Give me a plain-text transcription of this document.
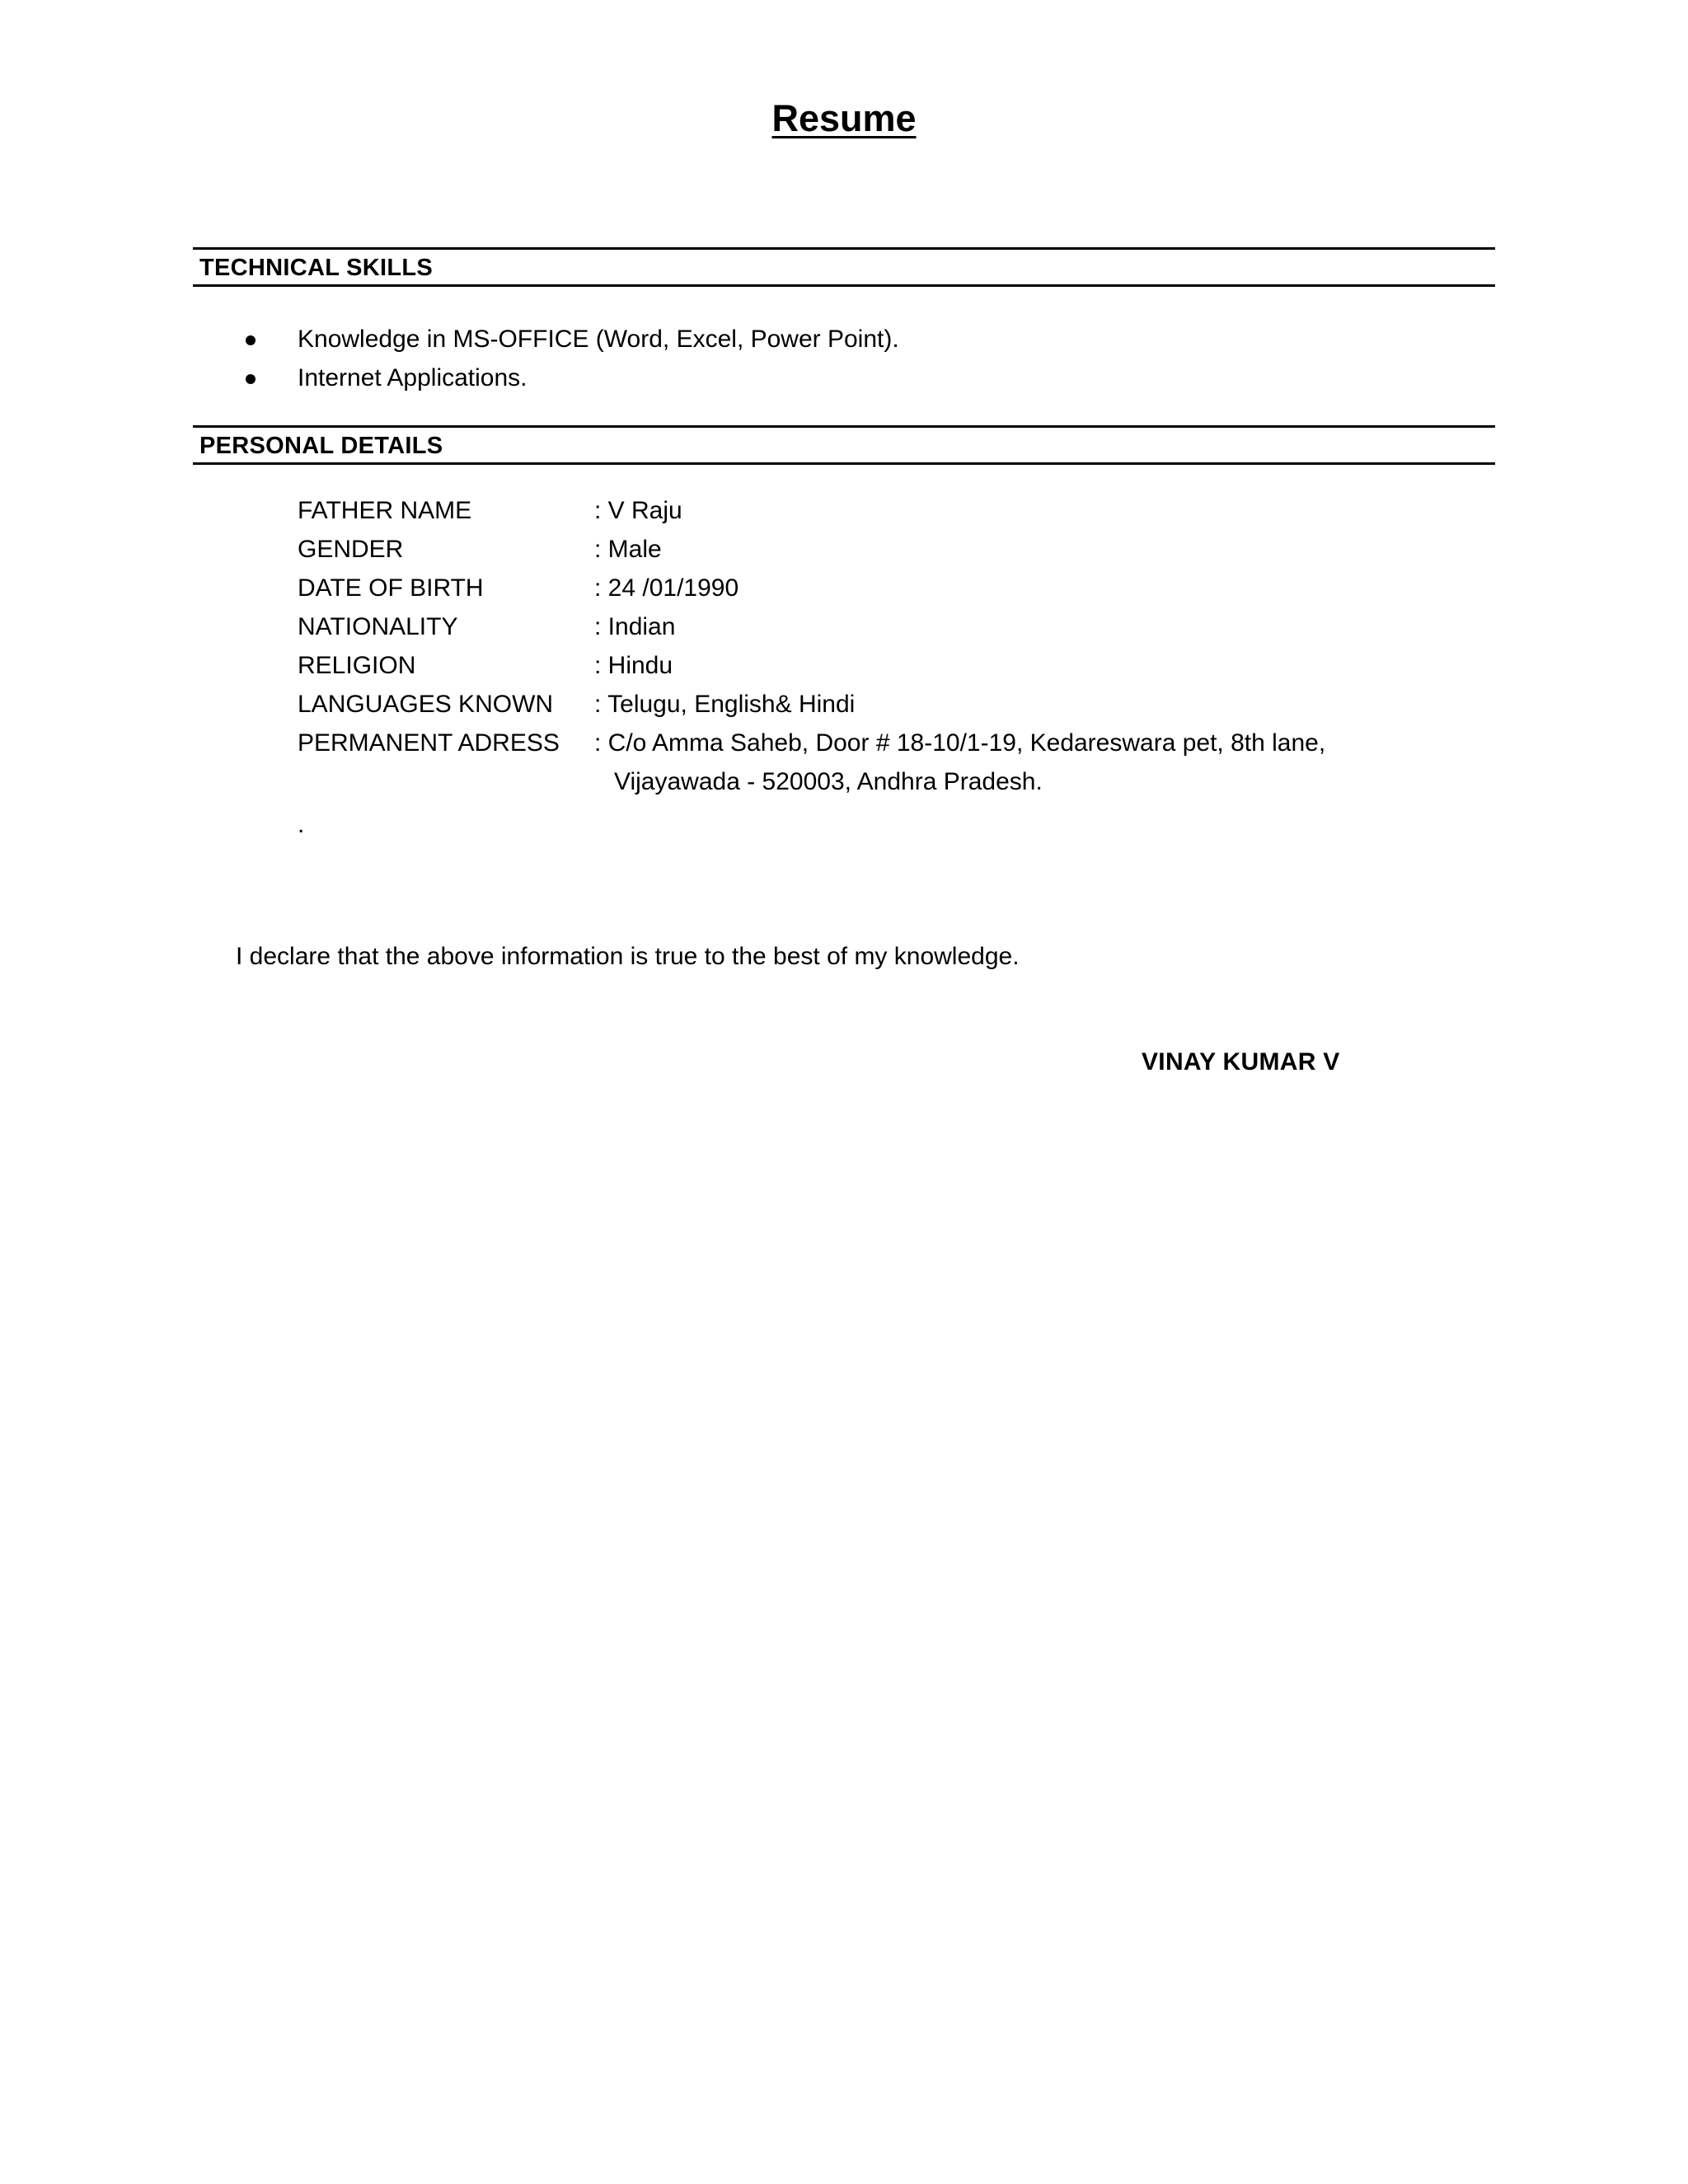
Resume
TECHNICAL SKILLS
Knowledge in MS-OFFICE (Word, Excel, Power Point).
Internet Applications.
PERSONAL DETAILS
FATHER NAME	: V Raju
GENDER	: Male
DATE OF BIRTH	: 24 /01/1990
NATIONALITY	: Indian
RELIGION	: Hindu
LANGUAGES KNOWN : Telugu, English& Hindi
PERMANENT ADRESS : C/o Amma Saheb, Door # 18-10/1-19, Kedareswara pet, 8th lane,
Vijayawada - 520003, Andhra Pradesh.
.
I declare that the above information is true to the best of my knowledge.
VINAY KUMAR V
